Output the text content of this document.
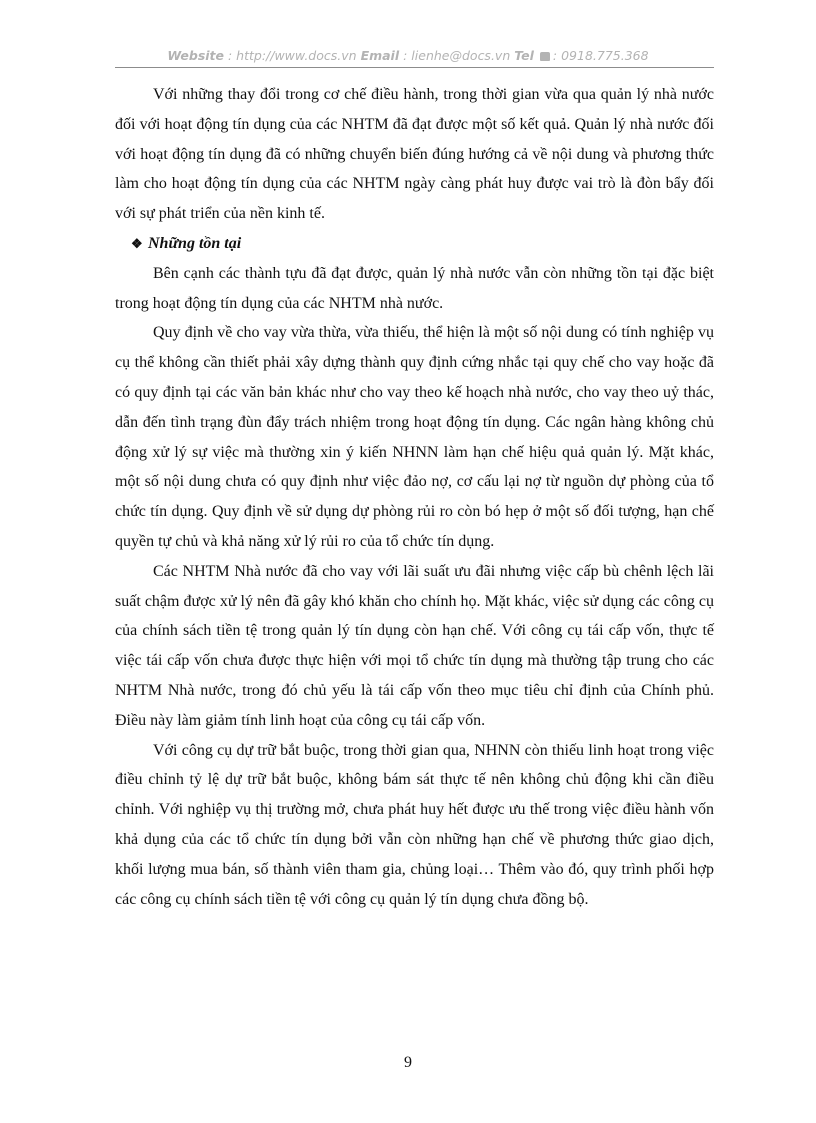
Website : http://www.docs.vn Email : lienhe@docs.vn Tel : 0918.775.368

Với những thay đổi trong cơ chế điều hành, trong thời gian vừa qua quản lý nhà nước đối với hoạt động tín dụng của các NHTM đã đạt được một số kết quả. Quản lý nhà nước đối với hoạt động tín dụng đã có những chuyển biến đúng hướng cả về nội dung và phương thức làm cho hoạt động tín dụng của các NHTM ngày càng phát huy được vai trò là đòn bẩy đối với sự phát triển của nền kinh tế.

❖ Những tồn tại

Bên cạnh các thành tựu đã đạt được, quản lý nhà nước vẫn còn những tồn tại đặc biệt trong hoạt động tín dụng của các NHTM nhà nước.

Quy định về cho vay vừa thừa, vừa thiếu, thể hiện là một số nội dung có tính nghiệp vụ cụ thể không cần thiết phải xây dựng thành quy định cứng nhắc tại quy chế cho vay hoặc đã có quy định tại các văn bản khác như cho vay theo kế hoạch nhà nước, cho vay theo uỷ thác, dẫn đến tình trạng đùn đẩy trách nhiệm trong hoạt động tín dụng. Các ngân hàng không chủ động xử lý sự việc mà thường xin ý kiến NHNN làm hạn chế hiệu quả quản lý. Mặt khác, một số nội dung chưa có quy định như việc đảo nợ, cơ cấu lại nợ từ nguồn dự phòng của tổ chức tín dụng. Quy định về sử dụng dự phòng rủi ro còn bó hẹp ở một số đối tượng, hạn chế quyền tự chủ và khả năng xử lý rủi ro của tổ chức tín dụng.

Các NHTM Nhà nước đã cho vay với lãi suất ưu đãi nhưng việc cấp bù chênh lệch lãi suất chậm được xử lý nên đã gây khó khăn cho chính họ. Mặt khác, việc sử dụng các công cụ của chính sách tiền tệ trong quản lý tín dụng còn hạn chế. Với công cụ tái cấp vốn, thực tế việc tái cấp vốn chưa được thực hiện với mọi tổ chức tín dụng mà thường tập trung cho các NHTM Nhà nước, trong đó chủ yếu là tái cấp vốn theo mục tiêu chỉ định của Chính phủ. Điều này làm giảm tính linh hoạt của công cụ tái cấp vốn.

Với công cụ dự trữ bắt buộc, trong thời gian qua, NHNN còn thiếu linh hoạt trong việc điều chỉnh tỷ lệ dự trữ bắt buộc, không bám sát thực tế nên không chủ động khi cần điều chỉnh. Với nghiệp vụ thị trường mở, chưa phát huy hết được ưu thế trong việc điều hành vốn khả dụng của các tổ chức tín dụng bởi vẫn còn những hạn chế về phương thức giao dịch, khối lượng mua bán, số thành viên tham gia, chủng loại… Thêm vào đó, quy trình phối hợp các công cụ chính sách tiền tệ với công cụ quản lý tín dụng chưa đồng bộ.

9
